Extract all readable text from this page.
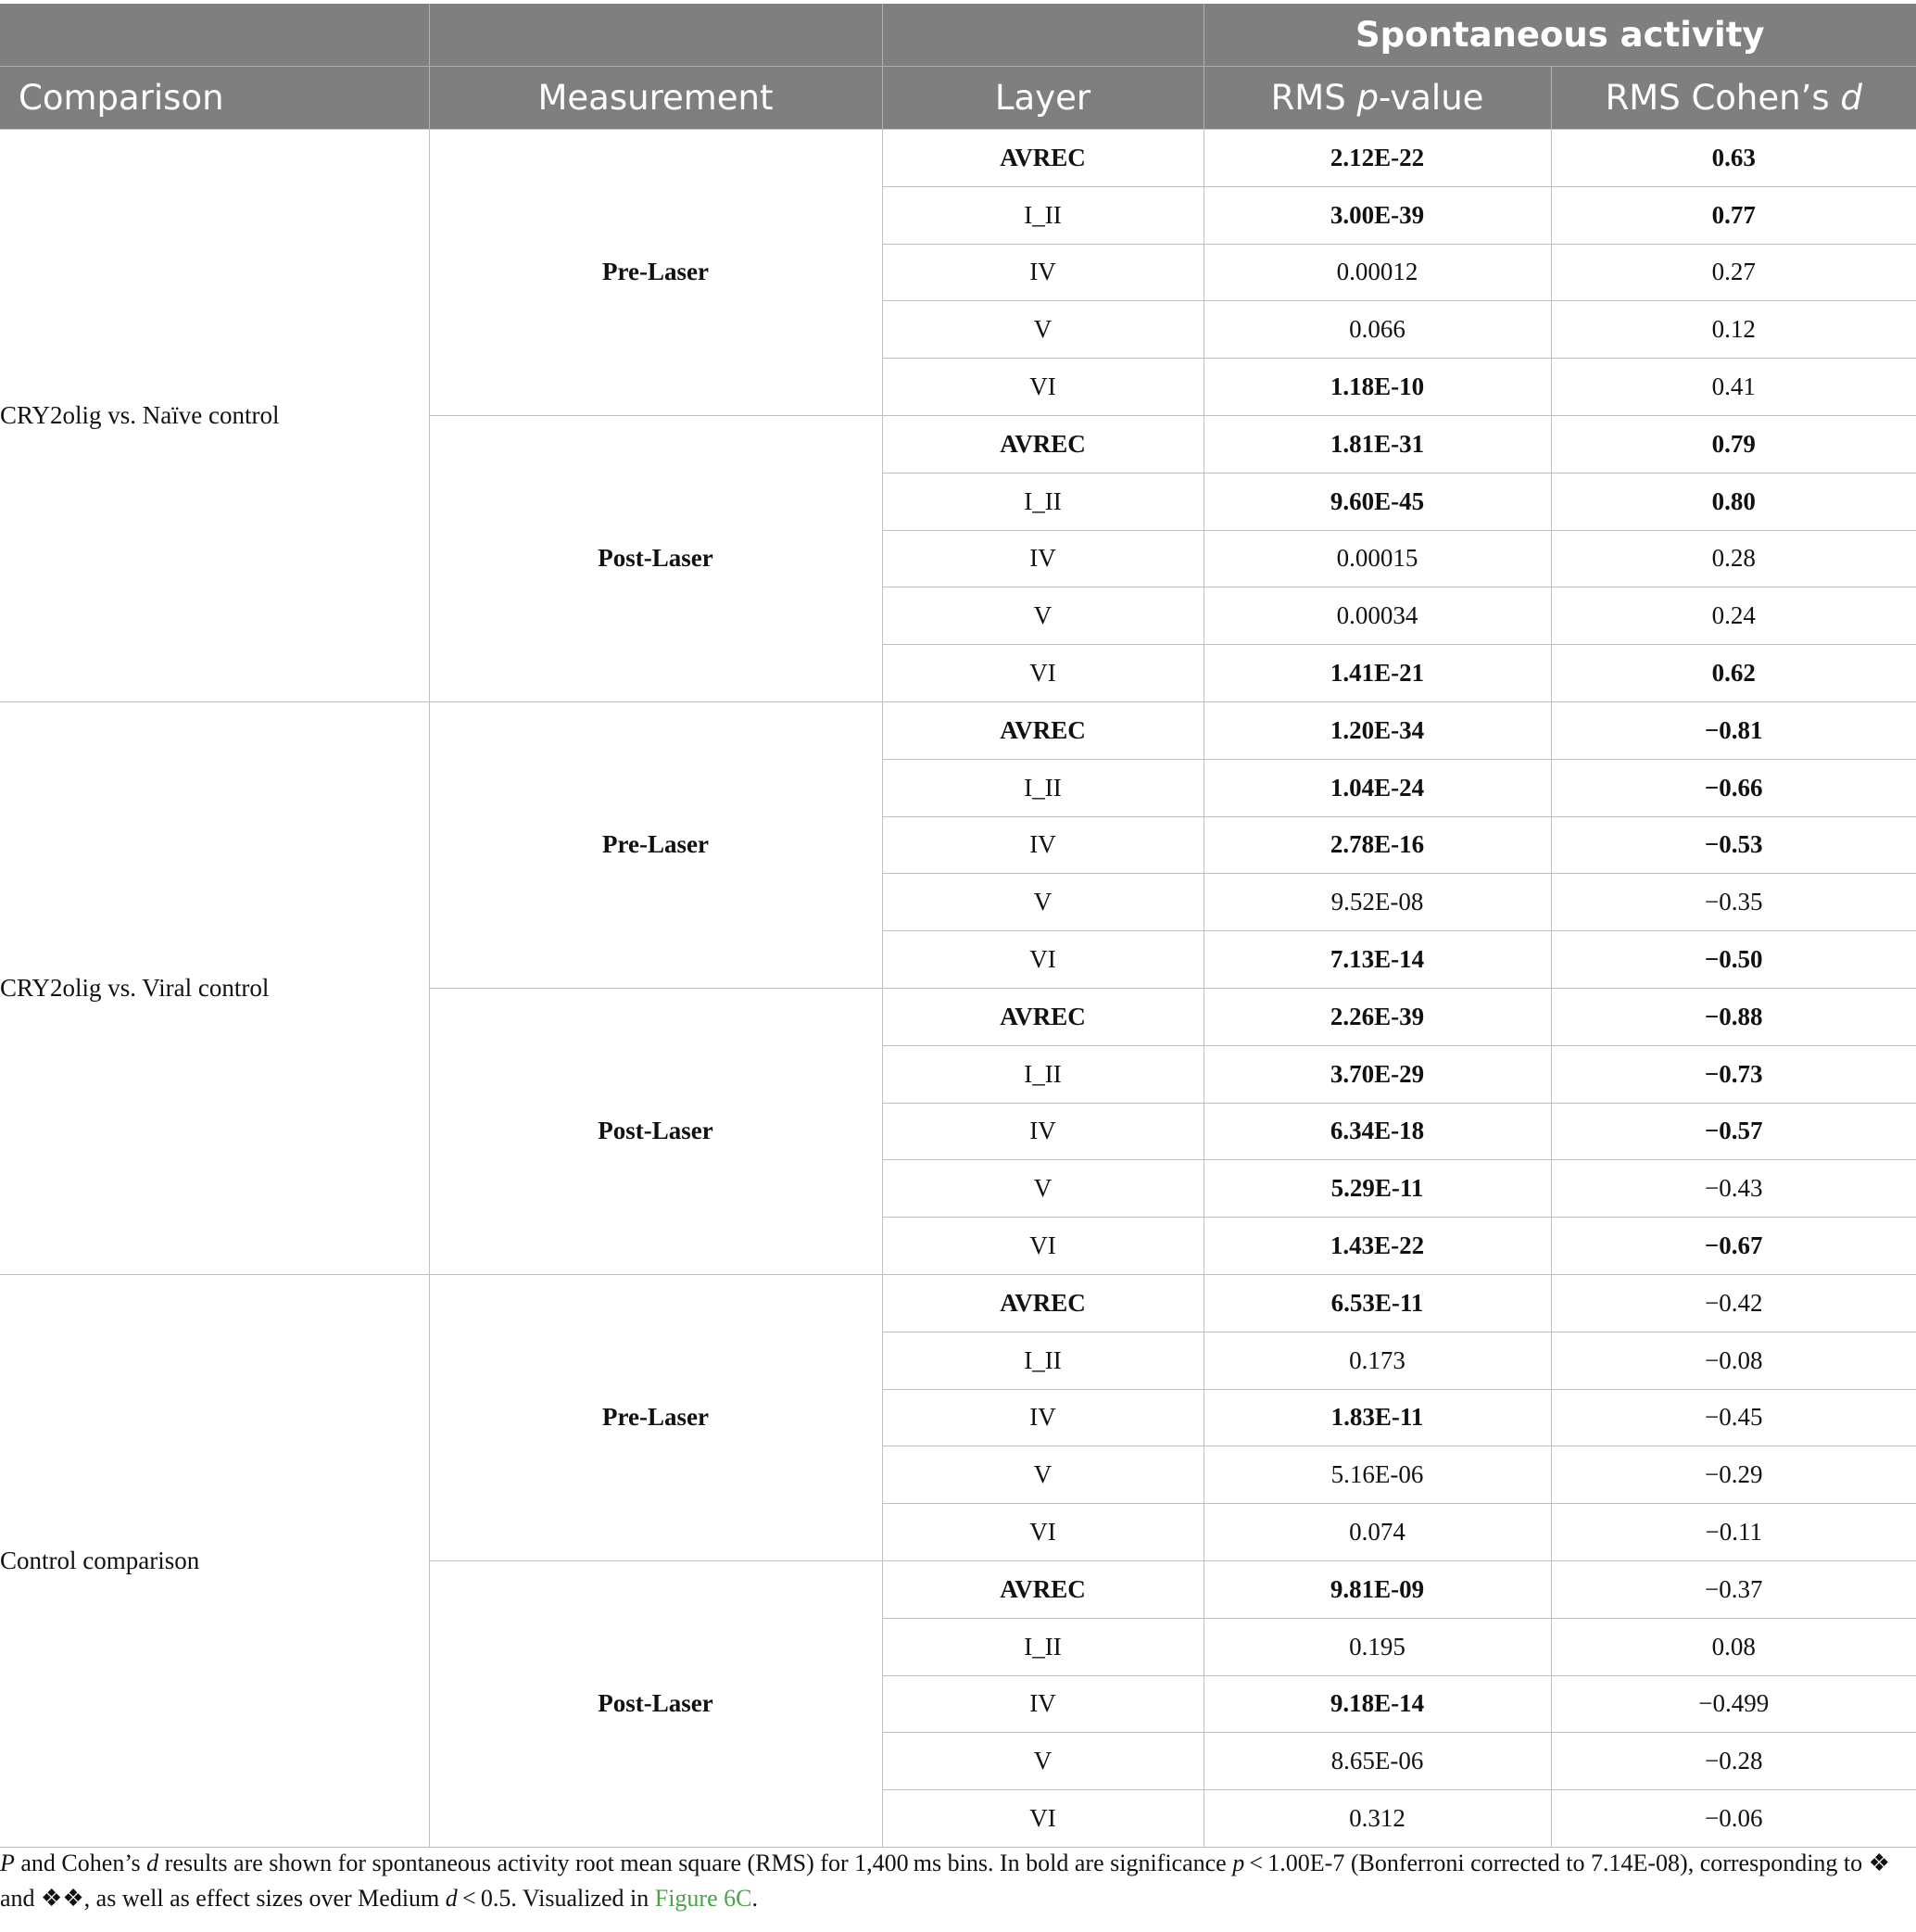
			Spontaneous activity	
Comparison	Measurement	Layer	RMS p-value	RMS Cohen’s d
CRY2olig vs. Naïve control	Pre-Laser	AVREC	2.12E-22	0.63
		I_II	3.00E-39	0.77
		IV	0.00012	0.27
		V	0.066	0.12
		VI	1.18E-10	0.41
	Post-Laser	AVREC	1.81E-31	0.79
		I_II	9.60E-45	0.80
		IV	0.00015	0.28
		V	0.00034	0.24
		VI	1.41E-21	0.62
CRY2olig vs. Viral control	Pre-Laser	AVREC	1.20E-34	−0.81
		I_II	1.04E-24	−0.66
		IV	2.78E-16	−0.53
		V	9.52E-08	−0.35
		VI	7.13E-14	−0.50
	Post-Laser	AVREC	2.26E-39	−0.88
		I_II	3.70E-29	−0.73
		IV	6.34E-18	−0.57
		V	5.29E-11	−0.43
		VI	1.43E-22	−0.67
Control comparison	Pre-Laser	AVREC	6.53E-11	−0.42
		I_II	0.173	−0.08
		IV	1.83E-11	−0.45
		V	5.16E-06	−0.29
		VI	0.074	−0.11
	Post-Laser	AVREC	9.81E-09	−0.37
		I_II	0.195	0.08
		IV	9.18E-14	−0.499
		V	8.65E-06	−0.28
		VI	0.312	−0.06
P and Cohen’s d results are shown for spontaneous activity root mean square (RMS) for 1,400 ms bins. In bold are significance p < 1.00E-7 (Bonferroni corrected to 7.14E-08), corresponding to ❖ and ❖❖, as well as effect sizes over Medium d < 0.5. Visualized in Figure 6C.
